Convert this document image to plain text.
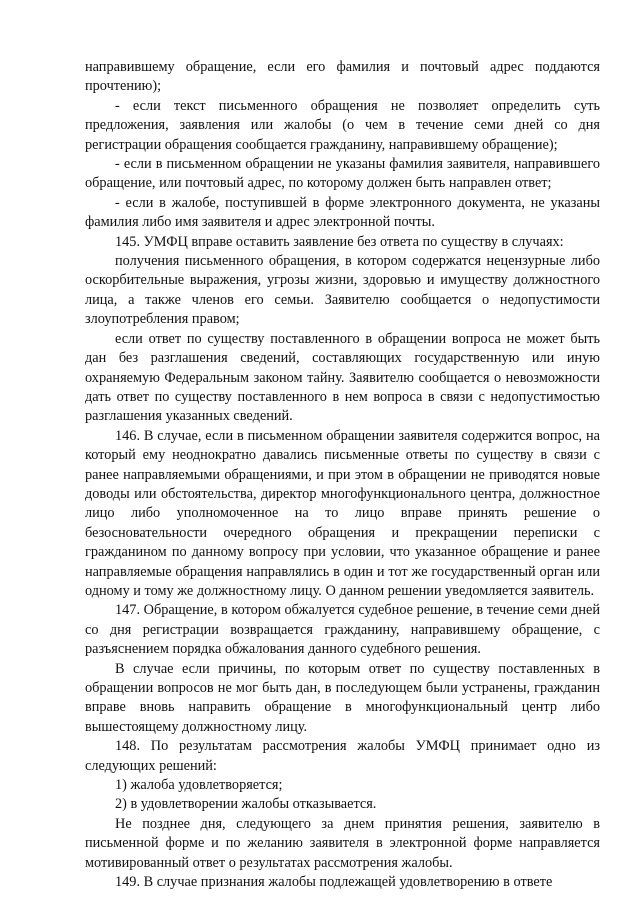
направившему обращение, если его фамилия и почтовый адрес поддаются прочтению);

- если текст письменного обращения не позволяет определить суть предложения, заявления или жалобы (о чем в течение семи дней со дня регистрации обращения сообщается гражданину, направившему обращение);

- если в письменном обращении не указаны фамилия заявителя, направившего обращение, или почтовый адрес, по которому должен быть направлен ответ;

- если в жалобе, поступившей в форме электронного документа, не указаны фамилия либо имя заявителя и адрес электронной почты.

145. УМФЦ вправе оставить заявление без ответа по существу в случаях:

получения письменного обращения, в котором содержатся нецензурные либо оскорбительные выражения, угрозы жизни, здоровью и имуществу должностного лица, а также членов его семьи. Заявителю сообщается о недопустимости злоупотребления правом;

если ответ по существу поставленного в обращении вопроса не может быть дан без разглашения сведений, составляющих государственную или иную охраняемую Федеральным законом тайну. Заявителю сообщается о невозможности дать ответ по существу поставленного в нем вопроса в связи с недопустимостью разглашения указанных сведений.

146. В случае, если в письменном обращении заявителя содержится вопрос, на который ему неоднократно давались письменные ответы по существу в связи с ранее направляемыми обращениями, и при этом в обращении не приводятся новые доводы или обстоятельства, директор многофункционального центра, должностное лицо либо уполномоченное на то лицо вправе принять решение о безосновательности очередного обращения и прекращении переписки с гражданином по данному вопросу при условии, что указанное обращение и ранее направляемые обращения направлялись в один и тот же государственный орган или одному и тому же должностному лицу. О данном решении уведомляется заявитель.

147. Обращение, в котором обжалуется судебное решение, в течение семи дней со дня регистрации возвращается гражданину, направившему обращение, с разъяснением порядка обжалования данного судебного решения.

В случае если причины, по которым ответ по существу поставленных в обращении вопросов не мог быть дан, в последующем были устранены, гражданин вправе вновь направить обращение в многофункциональный центр либо вышестоящему должностному лицу.

148. По результатам рассмотрения жалобы УМФЦ принимает одно из следующих решений:

1) жалоба удовлетворяется;

2) в удовлетворении жалобы отказывается.

Не позднее дня, следующего за днем принятия решения, заявителю в письменной форме и по желанию заявителя в электронной форме направляется мотивированный ответ о результатах рассмотрения жалобы.

149. В случае признания жалобы подлежащей удовлетворению в ответе
